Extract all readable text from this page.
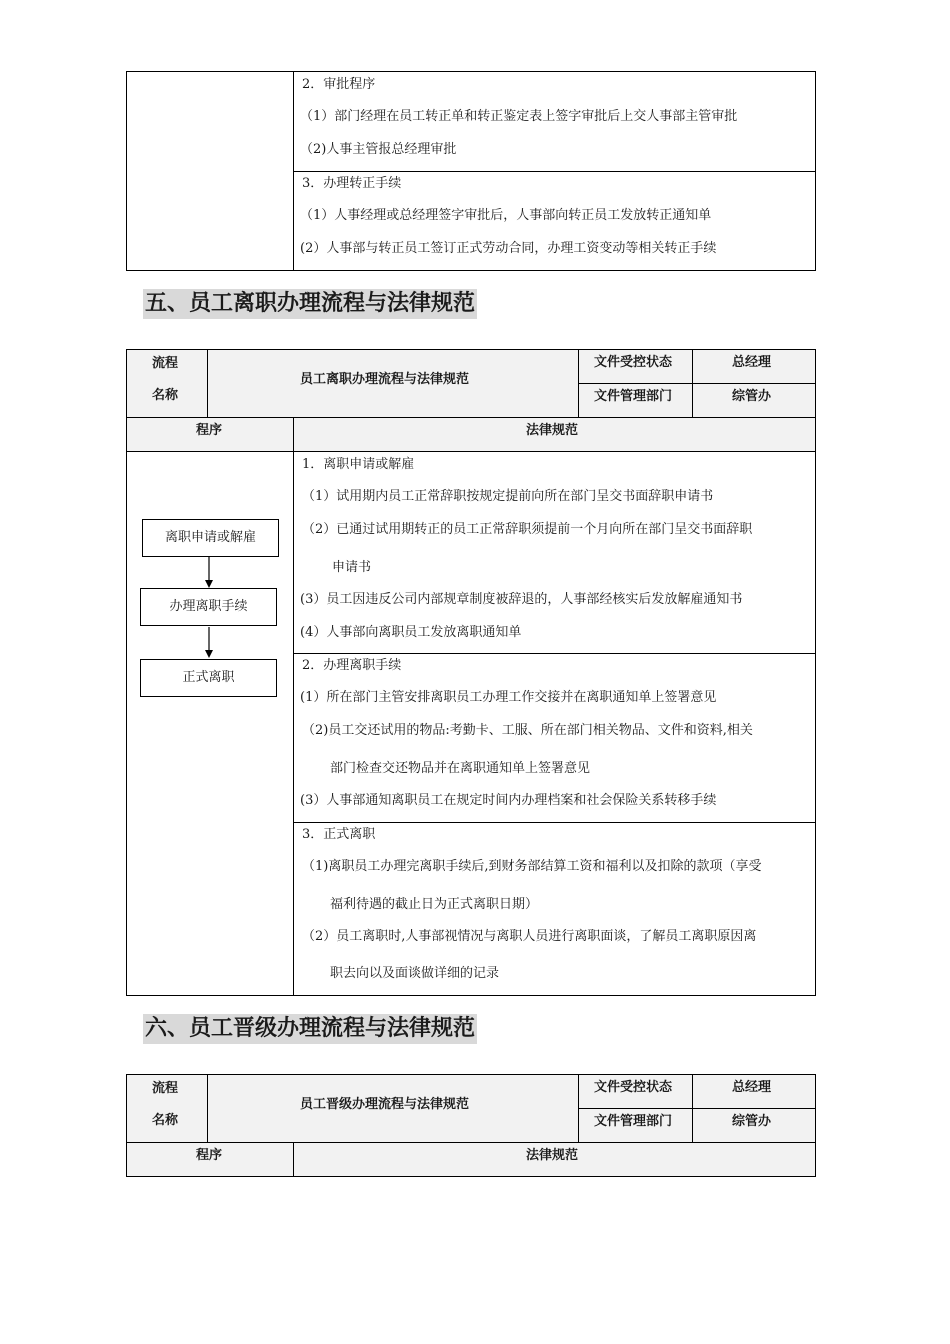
2．审批程序
（1）部门经理在员工转正单和转正鉴定表上签字审批后上交人事部主管审批
（2)人事主管报总经理审批
3．办理转正手续
（1）人事经理或总经理签字审批后，人事部向转正员工发放转正通知单
(2）人事部与转正员工签订正式劳动合同，办理工资变动等相关转正手续
五、员工离职办理流程与法律规范
流程
名称
员工离职办理流程与法律规范
文件受控状态	总经理
文件管理部门	综管办
程序	法律规范
离职申请或解雇
办理离职手续
正式离职
1．离职申请或解雇
（1）试用期内员工正常辞职按规定提前向所在部门呈交书面辞职申请书
（2）已通过试用期转正的员工正常辞职须提前一个月向所在部门呈交书面辞职
申请书
(3）员工因违反公司内部规章制度被辞退的，人事部经核实后发放解雇通知书
(4）人事部向离职员工发放离职通知单
2．办理离职手续
(1）所在部门主管安排离职员工办理工作交接并在离职通知单上签署意见
（2)员工交还试用的物品:考勤卡、工服、所在部门相关物品、文件和资料,相关
部门检查交还物品并在离职通知单上签署意见
(3）人事部通知离职员工在规定时间内办理档案和社会保险关系转移手续
3．正式离职
（1)离职员工办理完离职手续后,到财务部结算工资和福利以及扣除的款项（享受
福利待遇的截止日为正式离职日期）
（2）员工离职时,人事部视情况与离职人员进行离职面谈，了解员工离职原因离
职去向以及面谈做详细的记录
六、员工晋级办理流程与法律规范
流程
名称
员工晋级办理流程与法律规范
文件受控状态	总经理
文件管理部门	综管办
程序	法律规范
